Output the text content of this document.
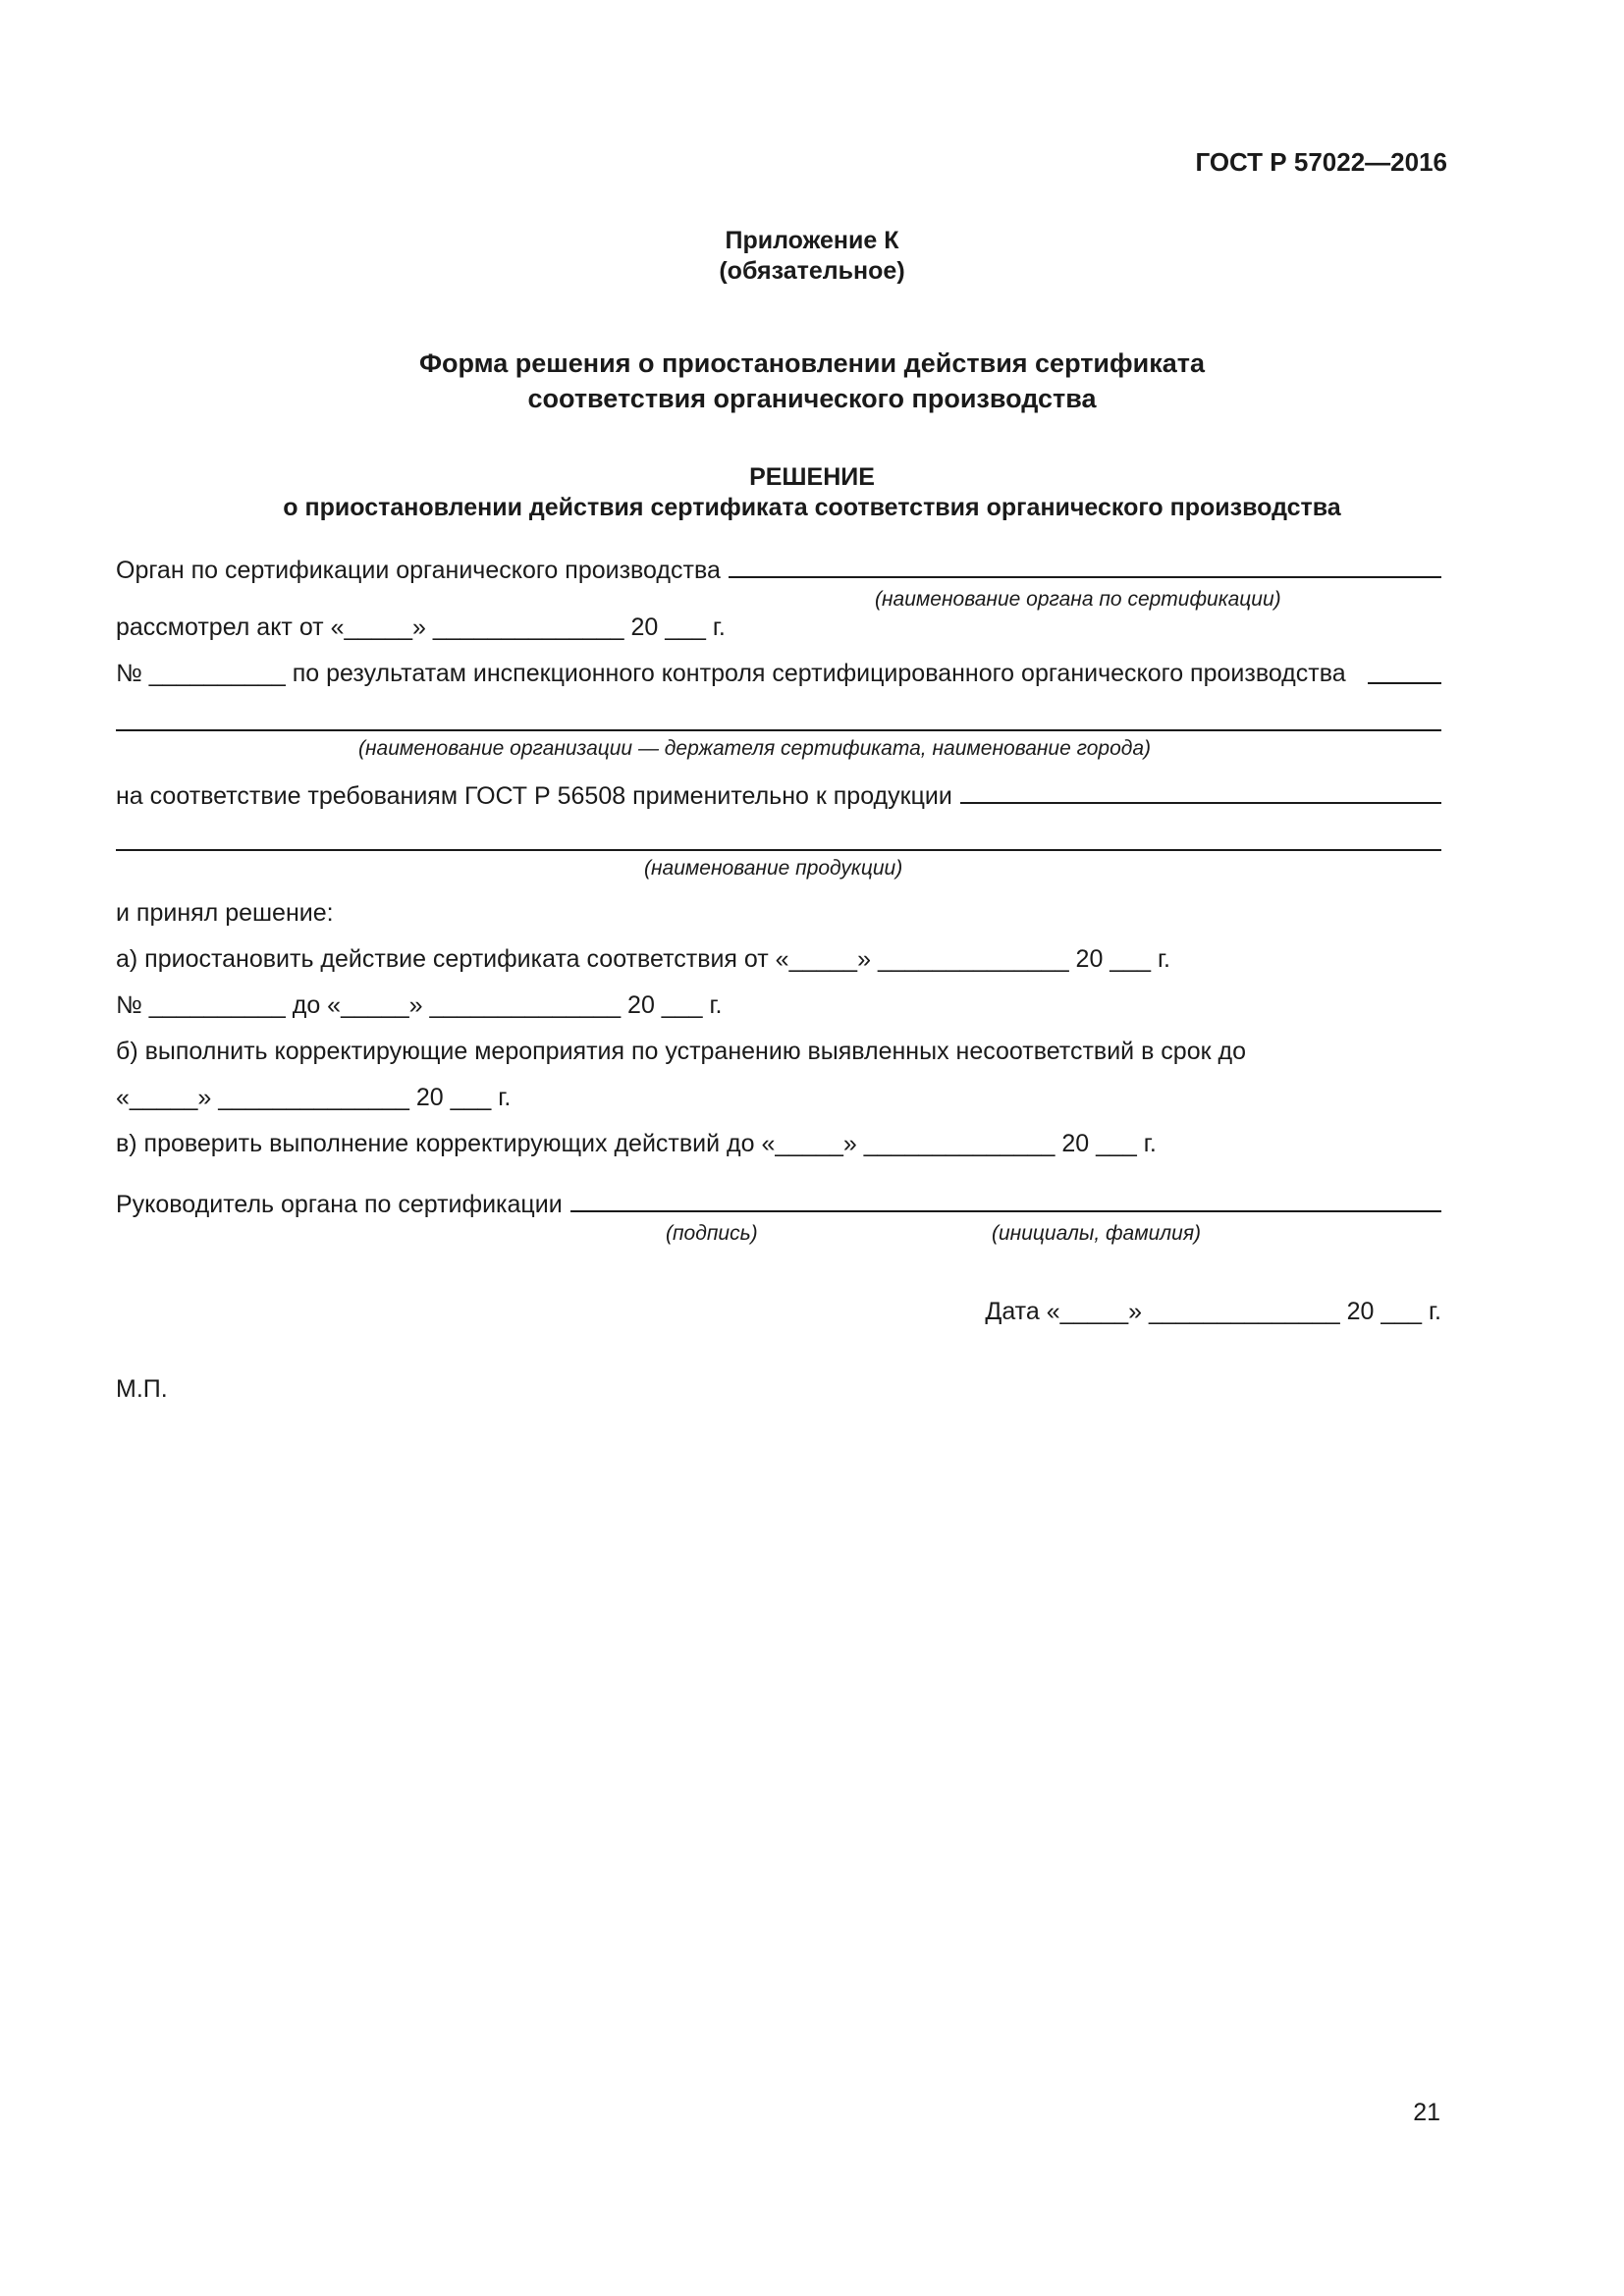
ГОСТ Р 57022—2016
Приложение К
(обязательное)
Форма решения о приостановлении действия сертификата
соответствия органического производства
РЕШЕНИЕ
о приостановлении действия сертификата соответствия органического производства
Орган по сертификации органического производства
(наименование органа по сертификации)
рассмотрел акт от «_____» ______________ 20 ___ г.
№ __________ по результатам инспекционного контроля сертифицированного органического производства
(наименование организации — держателя сертификата, наименование города)
на соответствие требованиям ГОСТ Р 56508 применительно к продукции
(наименование продукции)
и принял решение:
а) приостановить действие сертификата соответствия от «_____» ______________ 20 ___ г.
№ __________ до «_____» ______________ 20 ___ г.
б) выполнить корректирующие мероприятия по устранению выявленных несоответствий в срок до
«_____» ______________ 20 ___ г.
в) проверить выполнение корректирующих действий до «_____» ______________ 20 ___ г.
Руководитель органа по сертификации
(подпись)	(инициалы, фамилия)
Дата «_____» ______________ 20 ___ г.
М.П.
21
